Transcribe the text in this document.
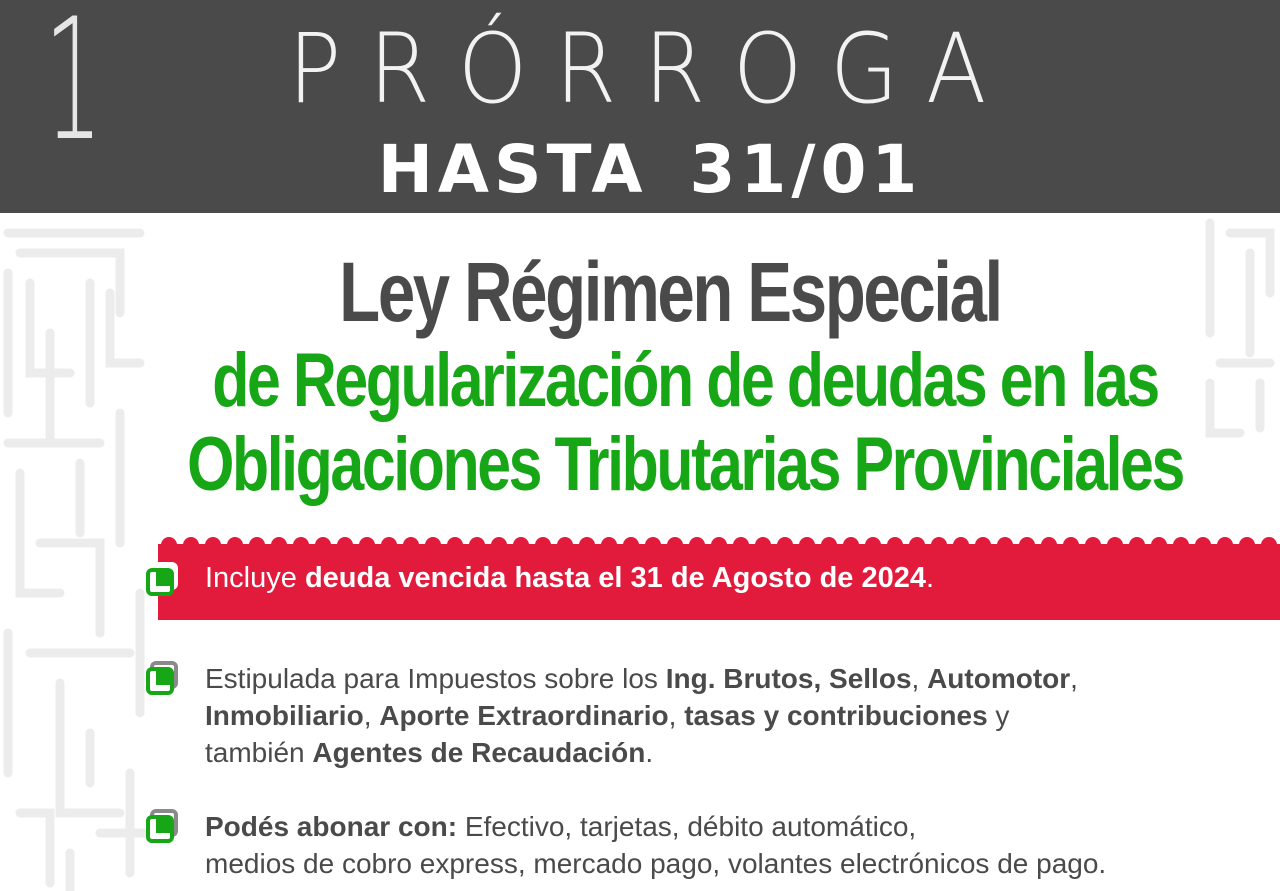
1	PRÓRROGA
HASTA 31/01
Ley Régimen Especial
de Regularización de deudas en las
Obligaciones Tributarias Provinciales
Incluye deuda vencida hasta el 31 de Agosto de 2024.
Estipulada para Impuestos sobre los Ing. Brutos, Sellos, Automotor,
Inmobiliario, Aporte Extraordinario, tasas y contribuciones y
también Agentes de Recaudación.
Podés abonar con: Efectivo, tarjetas, débito automático,
medios de cobro express, mercado pago, volantes electrónicos de pago.
